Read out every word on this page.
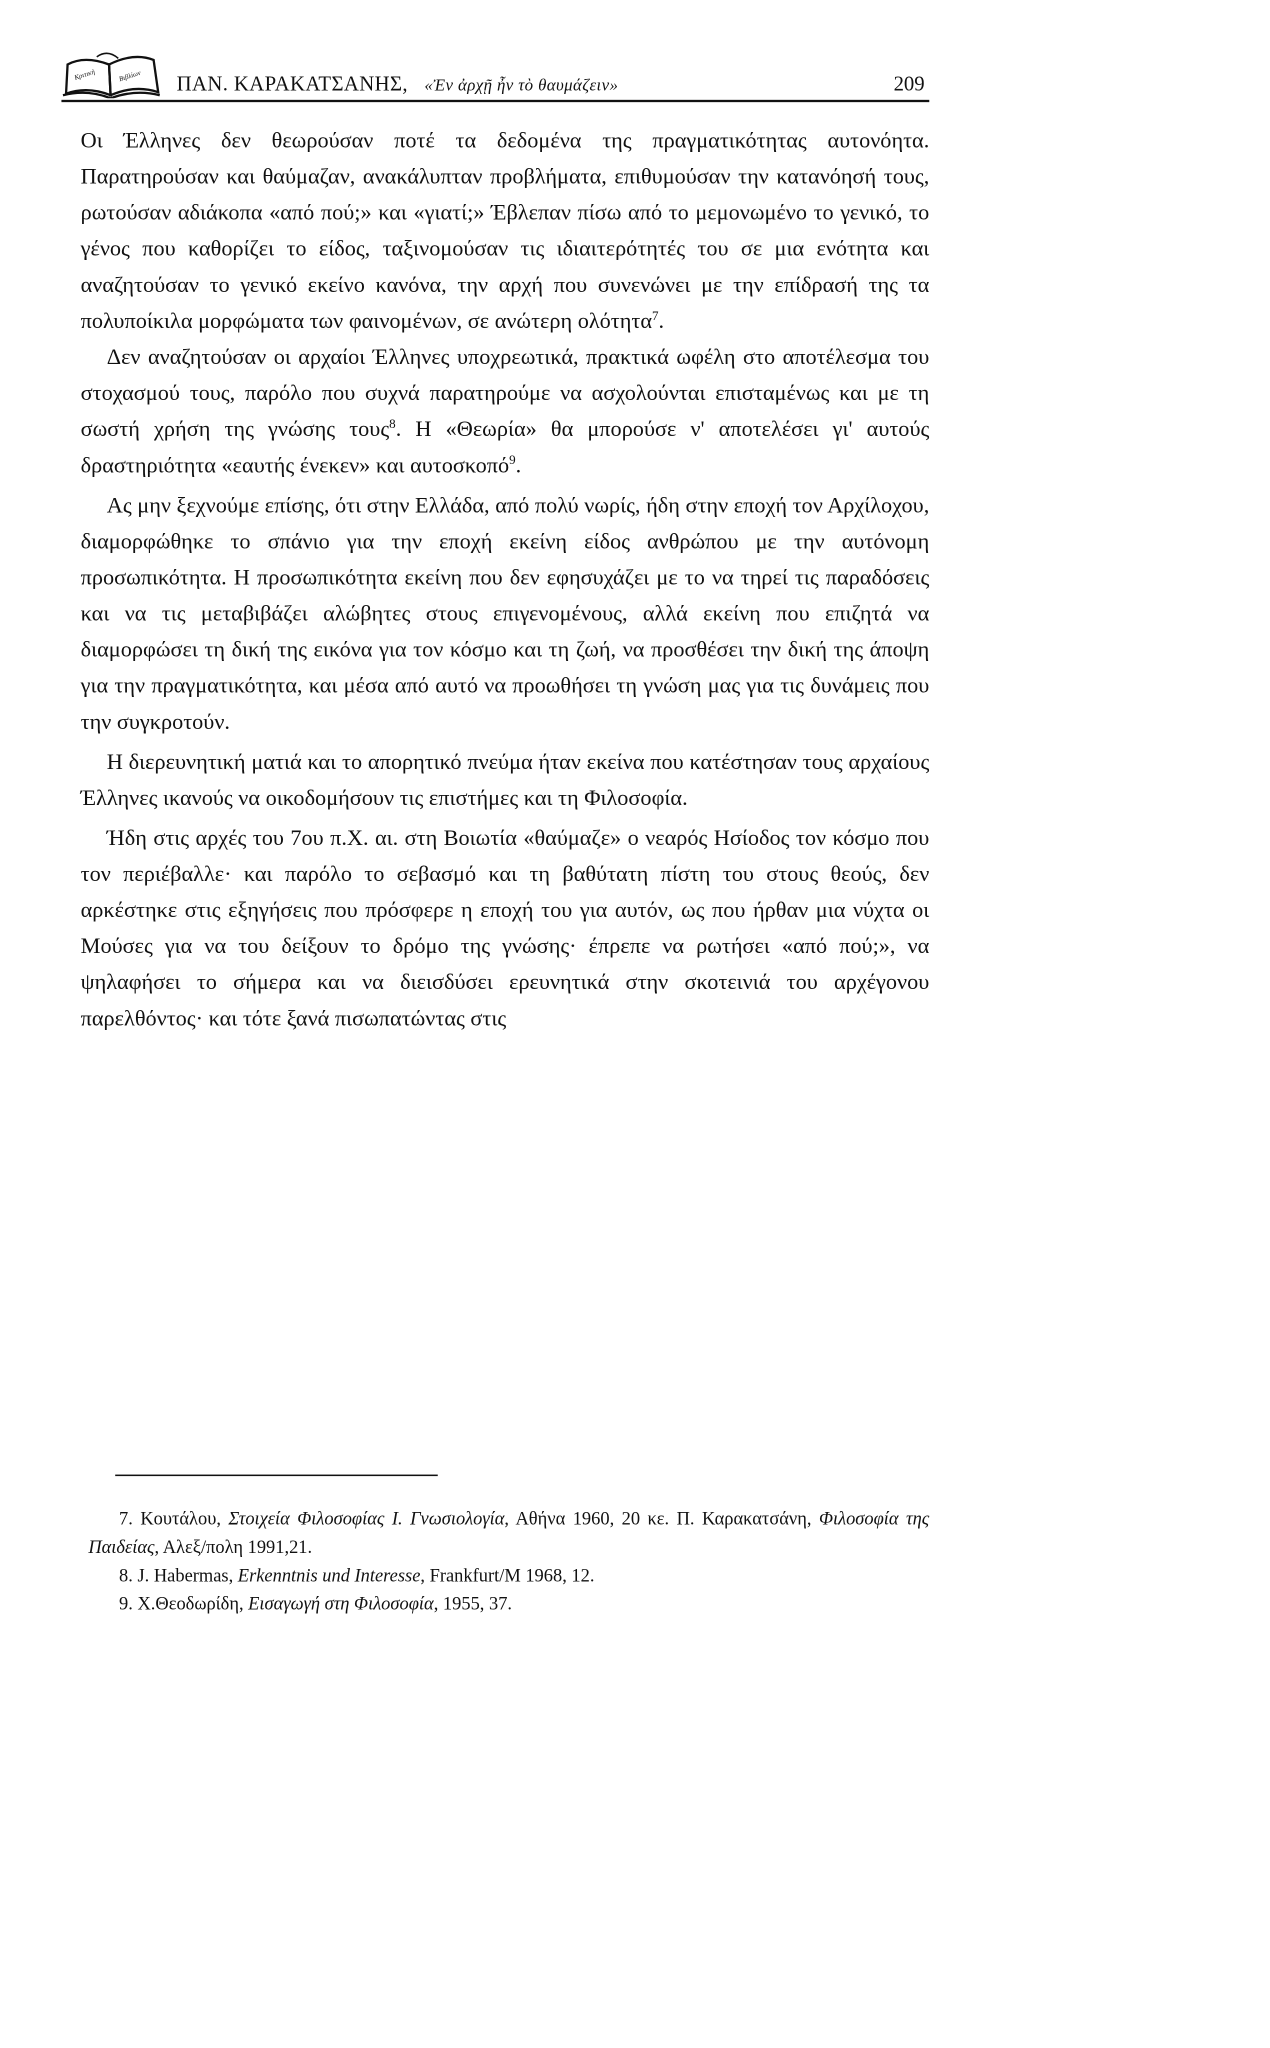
Κριτική Βιβλίων ΠΑΝ. ΚΑΡΑΚΑΤΣΑΝΗΣ, «Ἐν ἀρχῇ ἦν τὸ θαυμάζειν»	209

Οι Έλληνες δεν θεωρούσαν ποτέ τα δεδομένα της πραγματικότητας αυτονόητα. Παρατηρούσαν και θαύμαζαν, ανακάλυπταν προβλήματα, επιθυμούσαν την κατανόησή τους, ρωτούσαν αδιάκοπα «από πού;» και «γιατί;» Έβλεπαν πίσω από το μεμονωμένο το γενικό, το γένος που καθορίζει το είδος, ταξινομούσαν τις ιδιαιτερότητές του σε μια ενότητα και αναζητούσαν το γενικό εκείνο κανόνα, την αρχή που συνενώνει με την επίδρασή της τα πολυποίκιλα μορφώματα των φαινομένων, σε ανώτερη ολότητα$^7$.

Δεν αναζητούσαν οι αρχαίοι Έλληνες υποχρεωτικά, πρακτικά ωφέλη στο αποτέλεσμα του στοχασμού τους, παρόλο που συχνά παρατηρούμε να ασχολούνται επισταμένως και με τη σωστή χρήση της γνώσης τους$^8$. Η «Θεωρία» θα μπορούσε ν' αποτελέσει γι' αυτούς δραστηριότητα «εαυτής ένεκεν» και αυτοσκοπό$^9$.

Ας μην ξεχνούμε επίσης, ότι στην Ελλάδα, από πολύ νωρίς, ήδη στην εποχή τον Αρχίλοχου, διαμορφώθηκε το σπάνιο για την εποχή εκείνη είδος ανθρώπου με την αυτόνομη προσωπικότητα. Η προσωπικότητα εκείνη που δεν εφησυχάζει με το να τηρεί τις παραδόσεις και να τις μεταβιβάζει αλώβητες στους επιγενομένους, αλλά εκείνη που επιζητά να διαμορφώσει τη δική της εικόνα για τον κόσμο και τη ζωή, να προσθέσει την δική της άποψη για την πραγματικότητα, και μέσα από αυτό να προωθήσει τη γνώση μας για τις δυνάμεις που την συγκροτούν.

Η διερευνητική ματιά και το απορητικό πνεύμα ήταν εκείνα που κατέστησαν τους αρχαίους Έλληνες ικανούς να οικοδομήσουν τις επιστήμες και τη Φιλοσοφία.

Ήδη στις αρχές του 7ου π.Χ. αι. στη Βοιωτία «θαύμαζε» ο νεαρός Ησίοδος τον κόσμο που τον περιέβαλλε· και παρόλο το σεβασμό και τη βαθύτατη πίστη του στους θεούς, δεν αρκέστηκε στις εξηγήσεις που πρόσφερε η εποχή του για αυτόν, ως που ήρθαν μια νύχτα οι Μούσες για να του δείξουν το δρόμο της γνώσης· έπρεπε να ρωτήσει «από πού;», να ψηλαφήσει το σήμερα και να διεισδύσει ερευνητικά στην σκοτεινιά του αρχέγονου παρελθόντος· και τότε ξανά πισωπατώντας στις

7. Κουτάλου, Στοιχεία Φιλοσοφίας Ι. Γνωσιολογία, Αθήνα 1960, 20 κε. Π. Καρακατσάνη, Φιλοσοφία της Παιδείας, Αλεξ/πολη 1991,21.

8. J. Habermas, Erkenntnis und Interesse, Frankfurt/M 1968, 12.

9. Χ.Θεοδωρίδη, Εισαγωγή στη Φιλοσοφία, 1955, 37.
